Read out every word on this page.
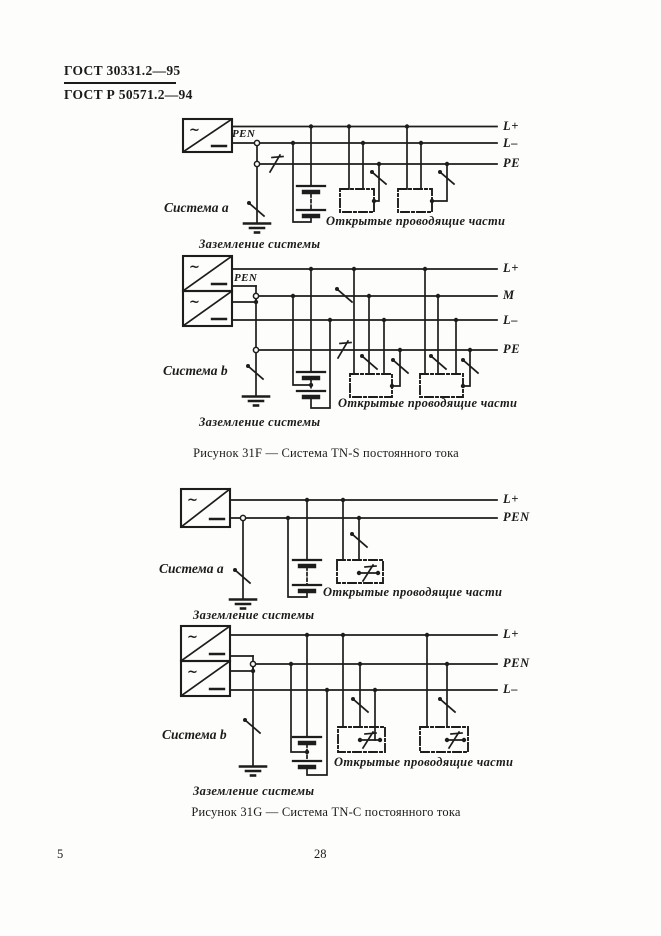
ГОСТ 30331.2—95
ГОСТ Р 50571.2—94
~
~
~
~
~
~
PEN
L+
L–
PE
Система a
Открытые проводящие части
Заземление системы
PEN
L+
M
L–
PE
Система b
Открытые проводящие части
Заземление системы
Рисунок 31F — Система TN-S постоянного тока
L+
PEN
Система a
Открытые проводящие части
Заземление системы
L+
PEN
L–
Система b
Открытые проводящие части
Заземление системы
Рисунок 31G — Система TN-C постоянного тока
5	28
